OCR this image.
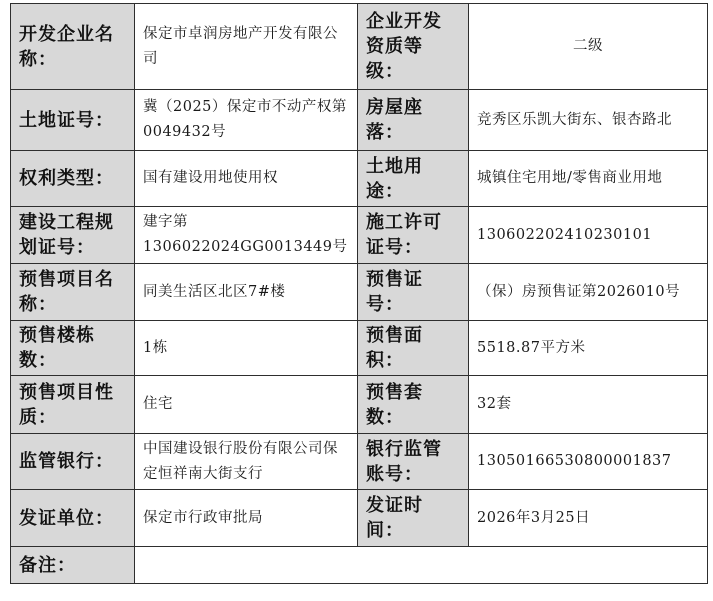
开发企业名称：	保定市卓润房地产开发有限公司	企业开发资质等级：	二级
土地证号：	冀（2025）保定市不动产权第0049432号	房屋座落：	竞秀区乐凯大街东、银杏路北
权利类型：	国有建设用地使用权	土地用途：	城镇住宅用地/零售商业用地
建设工程规划证号：	建字第1306022024GG0013449号	施工许可证号：	130602202410230101
预售项目名称：	同美生活区北区7#楼	预售证号：	（保）房预售证第2026010号
预售楼栋数：	1栋	预售面积：	5518.87平方米
预售项目性质：	住宅	预售套数：	32套
监管银行：	中国建设银行股份有限公司保定恒祥南大街支行	银行监管账号：	13050166530800001837
发证单位：	保定市行政审批局	发证时间：	2026年3月25日
备注：			
